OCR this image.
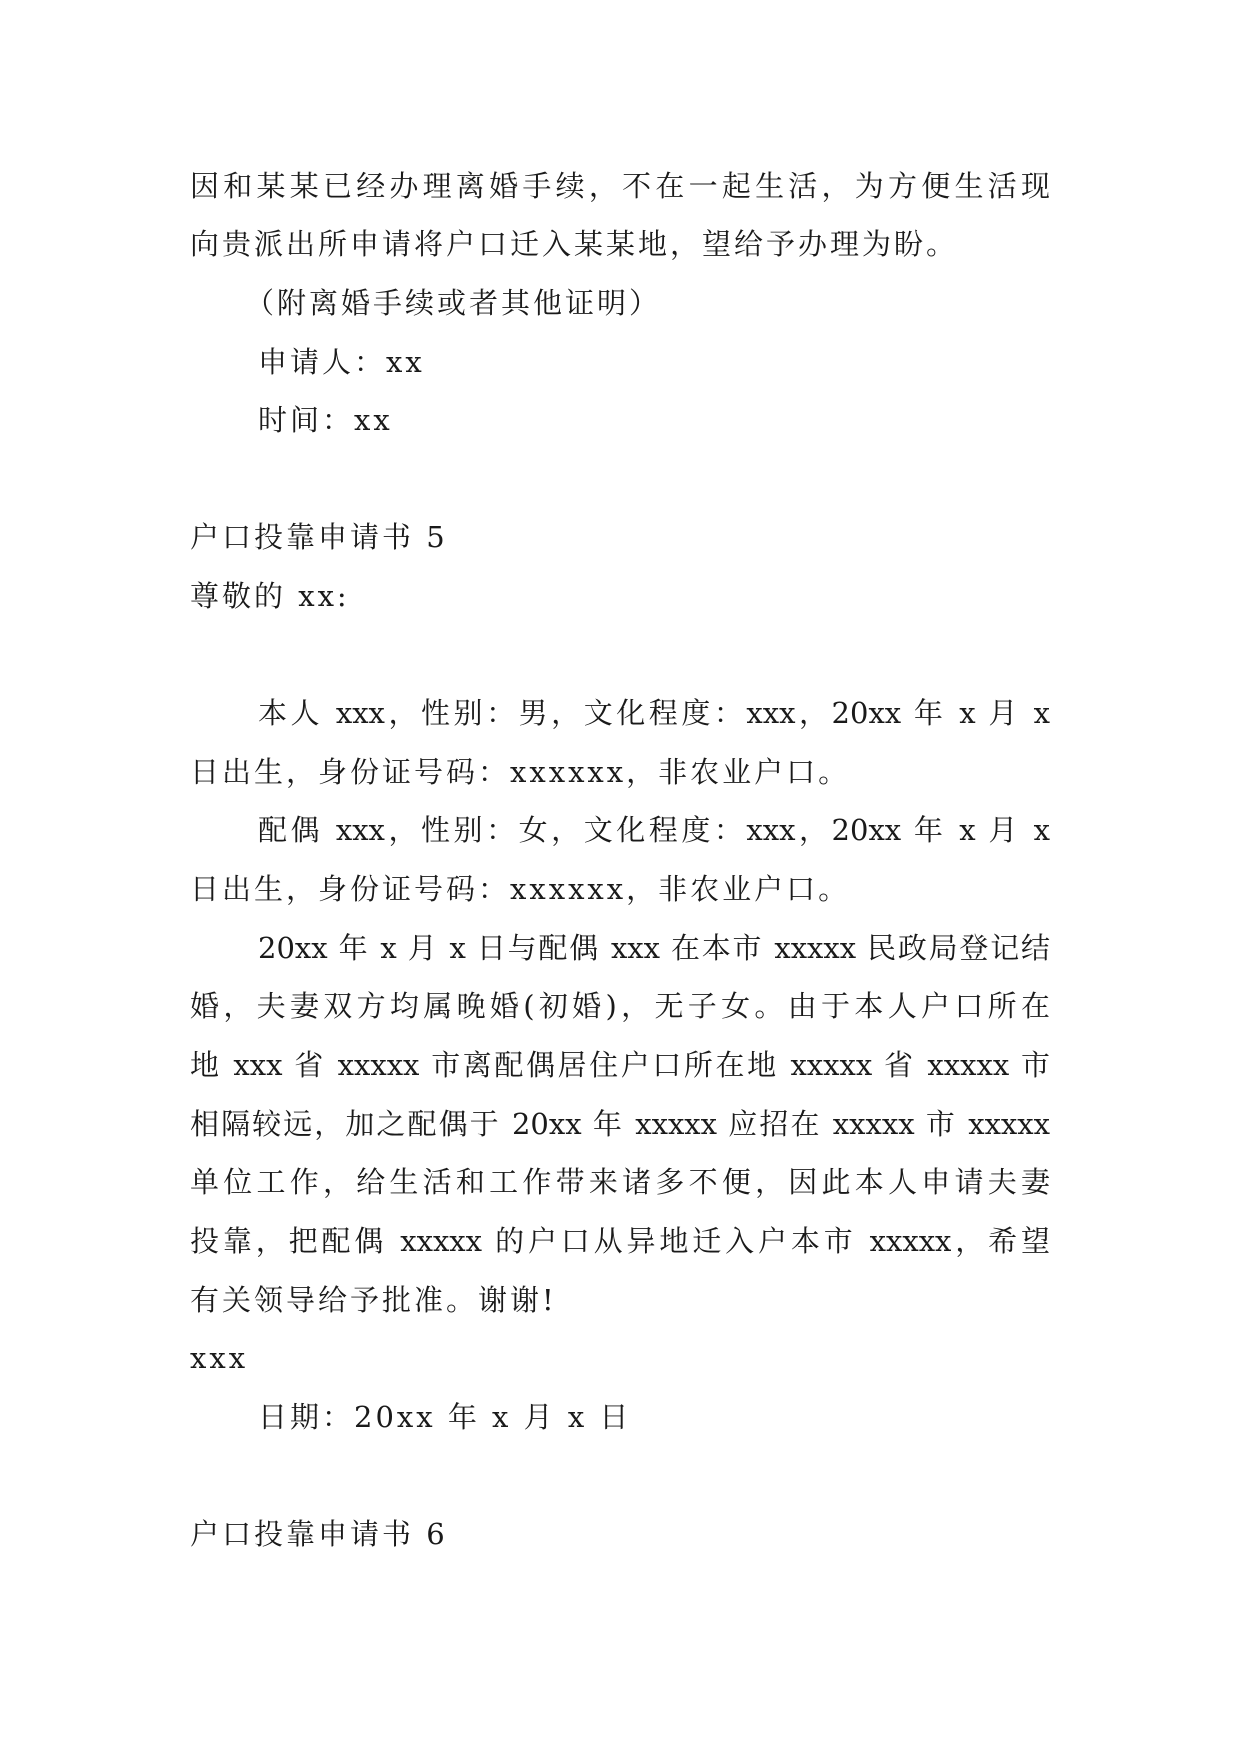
因和某某已经办理离婚手续，不在一起生活，为方便生活现
向贵派出所申请将户口迁入某某地，望给予办理为盼。
（附离婚手续或者其他证明）
申请人：xx
时间：xx
户口投靠申请书 5
尊敬的 xx:
本人 xxx，性别：男，文化程度：xxx，20xx 年 x 月 x
日出生，身份证号码：xxxxxx，非农业户口。
配偶 xxx，性别：女，文化程度：xxx，20xx 年 x 月 x
日出生，身份证号码：xxxxxx，非农业户口。
20xx 年 x 月 x 日与配偶 xxx 在本市 xxxxx 民政局登记结
婚，夫妻双方均属晚婚(初婚)，无子女。由于本人户口所在
地 xxx 省 xxxxx 市离配偶居住户口所在地 xxxxx 省 xxxxx 市
相隔较远，加之配偶于 20xx 年 xxxxx 应招在 xxxxx 市 xxxxx
单位工作，给生活和工作带来诸多不便，因此本人申请夫妻
投靠，把配偶 xxxxx 的户口从异地迁入户本市 xxxxx，希望
有关领导给予批准。谢谢!
xxx
日期：20xx 年 x 月 x 日
户口投靠申请书 6
